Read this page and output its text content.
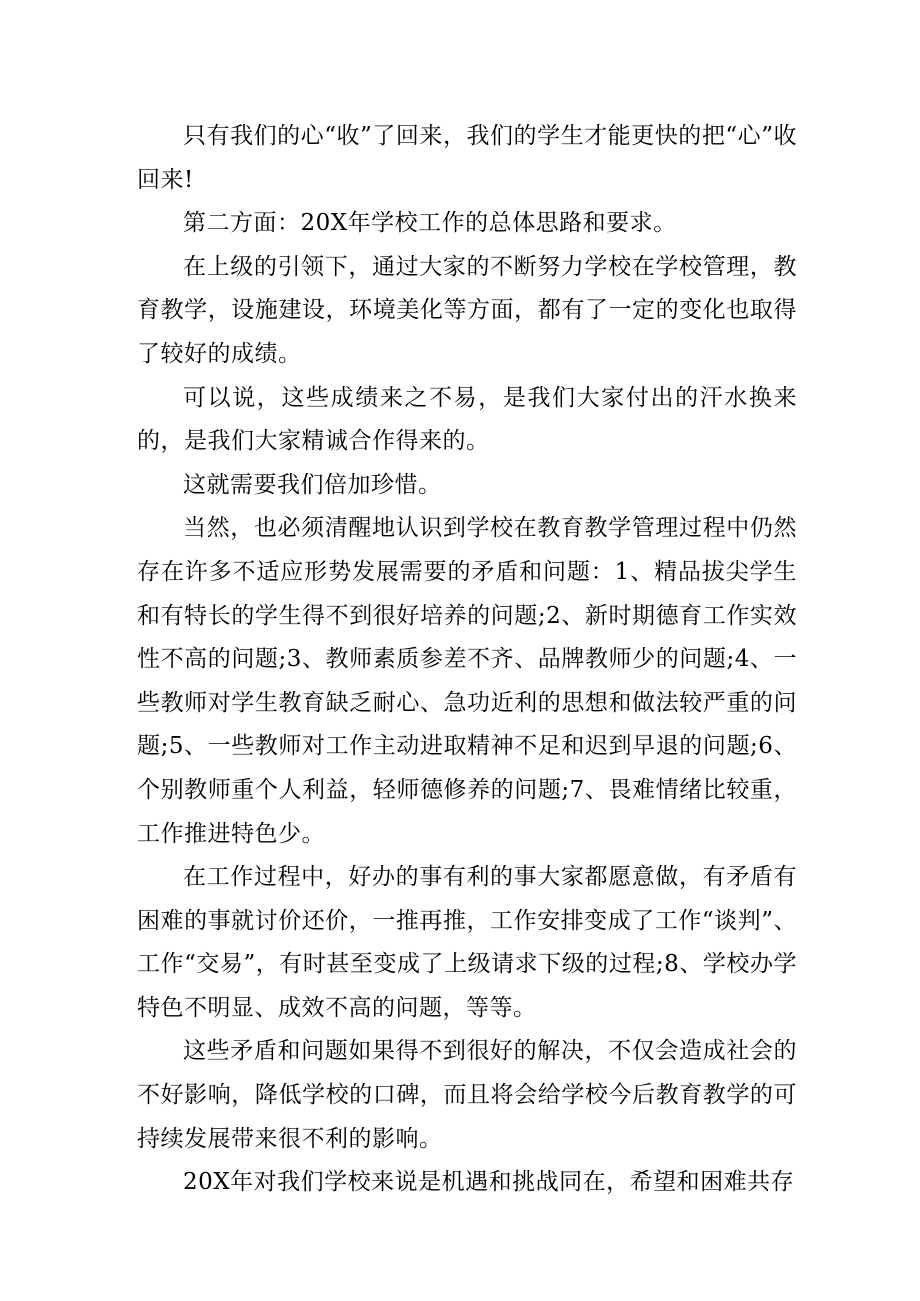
只有我们的心“收”了回来，我们的学生才能更快的把“心”收回来!

第二方面：20X年学校工作的总体思路和要求。

在上级的引领下，通过大家的不断努力学校在学校管理，教育教学，设施建设，环境美化等方面，都有了一定的变化也取得了较好的成绩。

可以说，这些成绩来之不易，是我们大家付出的汗水换来的，是我们大家精诚合作得来的。

这就需要我们倍加珍惜。

当然，也必须清醒地认识到学校在教育教学管理过程中仍然存在许多不适应形势发展需要的矛盾和问题：1、精品拔尖学生和有特长的学生得不到很好培养的问题;2、新时期德育工作实效性不高的问题;3、教师素质参差不齐、品牌教师少的问题;4、一些教师对学生教育缺乏耐心、急功近利的思想和做法较严重的问题;5、一些教师对工作主动进取精神不足和迟到早退的问题;6、个别教师重个人利益，轻师德修养的问题;7、畏难情绪比较重，工作推进特色少。

在工作过程中，好办的事有利的事大家都愿意做，有矛盾有困难的事就讨价还价，一推再推，工作安排变成了工作“谈判”、工作“交易”，有时甚至变成了上级请求下级的过程;8、学校办学特色不明显、成效不高的问题，等等。

这些矛盾和问题如果得不到很好的解决，不仅会造成社会的不好影响，降低学校的口碑，而且将会给学校今后教育教学的可持续发展带来很不利的影响。

20X年对我们学校来说是机遇和挑战同在，希望和困难共存
